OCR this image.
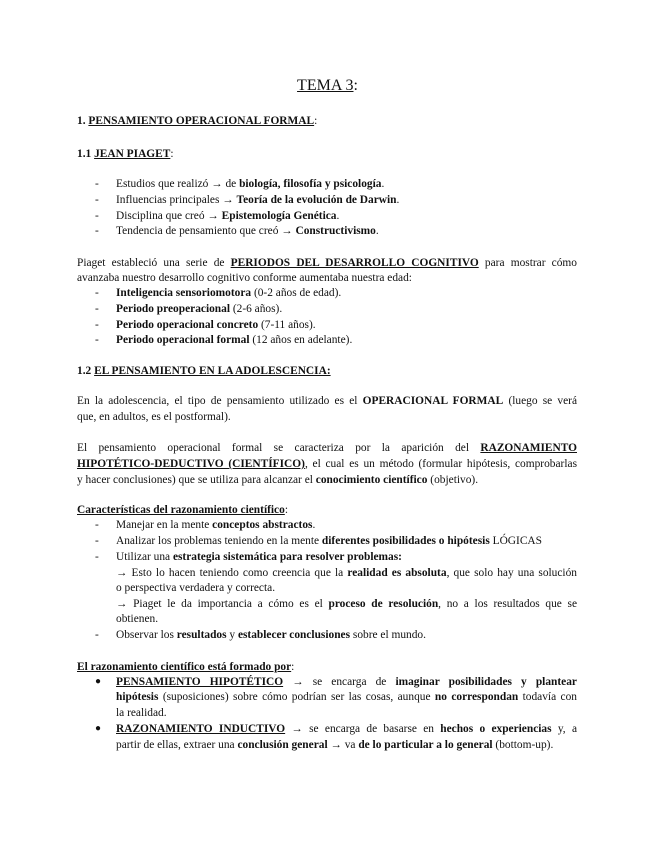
TEMA 3:
1. PENSAMIENTO OPERACIONAL FORMAL:
1.1 JEAN PIAGET:
- Estudios que realizó → de biología, filosofía y psicología.
- Influencias principales → Teoría de la evolución de Darwin.
- Disciplina que creó → Epistemología Genética.
- Tendencia de pensamiento que creó → Constructivismo.
Piaget estableció una serie de PERIODOS DEL DESARROLLO COGNITIVO para mostrar cómo
avanzaba nuestro desarrollo cognitivo conforme aumentaba nuestra edad:
- Inteligencia sensoriomotora (0-2 años de edad).
- Periodo preoperacional (2-6 años).
- Periodo operacional concreto (7-11 años).
- Periodo operacional formal (12 años en adelante).
1.2 EL PENSAMIENTO EN LA ADOLESCENCIA:
En la adolescencia, el tipo de pensamiento utilizado es el OPERACIONAL FORMAL (luego se verá
que, en adultos, es el postformal).
El pensamiento operacional formal se caracteriza por la aparición del RAZONAMIENTO
HIPOTÉTICO-DEDUCTIVO (CIENTÍFICO), el cual es un método (formular hipótesis, comprobarlas
y hacer conclusiones) que se utiliza para alcanzar el conocimiento científico (objetivo).
Características del razonamiento científico:
- Manejar en la mente conceptos abstractos.
- Analizar los problemas teniendo en la mente diferentes posibilidades o hipótesis LÓGICAS
- Utilizar una estrategia sistemática para resolver problemas:
→ Esto lo hacen teniendo como creencia que la realidad es absoluta, que solo hay una solución
o perspectiva verdadera y correcta.
→ Piaget le da importancia a cómo es el proceso de resolución, no a los resultados que se
obtienen.
- Observar los resultados y establecer conclusiones sobre el mundo.
El razonamiento científico está formado por:
● PENSAMIENTO HIPOTÉTICO → se encarga de imaginar posibilidades y plantear
hipótesis (suposiciones) sobre cómo podrían ser las cosas, aunque no correspondan todavía con
la realidad.
● RAZONAMIENTO INDUCTIVO → se encarga de basarse en hechos o experiencias y, a
partir de ellas, extraer una conclusión general → va de lo particular a lo general (bottom-up).
